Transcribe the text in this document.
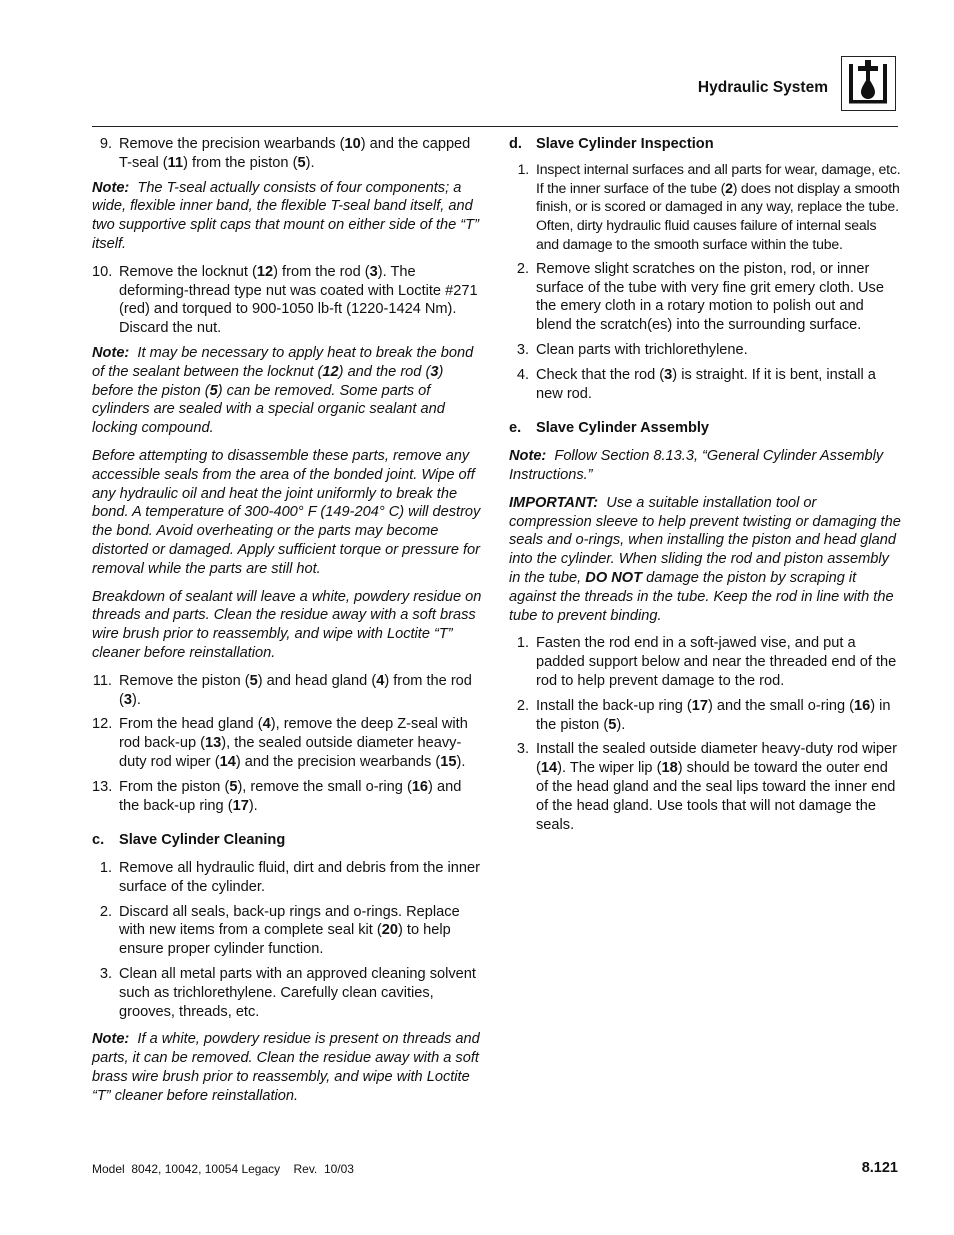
Hydraulic System
9. Remove the precision wearbands (10) and the capped T-seal (11) from the piston (5).
Note: The T-seal actually consists of four components; a wide, flexible inner band, the flexible T-seal band itself, and two supportive split caps that mount on either side of the “T” itself.
10. Remove the locknut (12) from the rod (3). The deforming-thread type nut was coated with Loctite #271 (red) and torqued to 900-1050 lb-ft (1220-1424 Nm). Discard the nut.
Note: It may be necessary to apply heat to break the bond of the sealant between the locknut (12) and the rod (3) before the piston (5) can be removed. Some parts of cylinders are sealed with a special organic sealant and locking compound.
Before attempting to disassemble these parts, remove any accessible seals from the area of the bonded joint. Wipe off any hydraulic oil and heat the joint uniformly to break the bond. A temperature of 300-400° F (149-204° C) will destroy the bond. Avoid overheating or the parts may become distorted or damaged. Apply sufficient torque or pressure for removal while the parts are still hot.
Breakdown of sealant will leave a white, powdery residue on threads and parts. Clean the residue away with a soft brass wire brush prior to reassembly, and wipe with Loctite “T” cleaner before reinstallation.
11. Remove the piston (5) and head gland (4) from the rod (3).
12. From the head gland (4), remove the deep Z-seal with rod back-up (13), the sealed outside diameter heavy-duty rod wiper (14) and the precision wearbands (15).
13. From the piston (5), remove the small o-ring (16) and the back-up ring (17).
c. Slave Cylinder Cleaning
1. Remove all hydraulic fluid, dirt and debris from the inner surface of the cylinder.
2. Discard all seals, back-up rings and o-rings. Replace with new items from a complete seal kit (20) to help ensure proper cylinder function.
3. Clean all metal parts with an approved cleaning solvent such as trichlorethylene. Carefully clean cavities, grooves, threads, etc.
Note: If a white, powdery residue is present on threads and parts, it can be removed. Clean the residue away with a soft brass wire brush prior to reassembly, and wipe with Loctite “T” cleaner before reinstallation.
d. Slave Cylinder Inspection
1. Inspect internal surfaces and all parts for wear, damage, etc. If the inner surface of the tube (2) does not display a smooth finish, or is scored or damaged in any way, replace the tube. Often, dirty hydraulic fluid causes failure of internal seals and damage to the smooth surface within the tube.
2. Remove slight scratches on the piston, rod, or inner surface of the tube with very fine grit emery cloth. Use the emery cloth in a rotary motion to polish out and blend the scratch(es) into the surrounding surface.
3. Clean parts with trichlorethylene.
4. Check that the rod (3) is straight. If it is bent, install a new rod.
e. Slave Cylinder Assembly
Note: Follow Section 8.13.3, “General Cylinder Assembly Instructions.”
IMPORTANT: Use a suitable installation tool or compression sleeve to help prevent twisting or damaging the seals and o-rings, when installing the piston and head gland into the cylinder. When sliding the rod and piston assembly in the tube, DO NOT damage the piston by scraping it against the threads in the tube. Keep the rod in line with the tube to prevent binding.
1. Fasten the rod end in a soft-jawed vise, and put a padded support below and near the threaded end of the rod to help prevent damage to the rod.
2. Install the back-up ring (17) and the small o-ring (16) in the piston (5).
3. Install the sealed outside diameter heavy-duty rod wiper (14). The wiper lip (18) should be toward the outer end of the head gland and the seal lips toward the inner end of the head gland. Use tools that will not damage the seals.
Model  8042, 10042, 10054 Legacy    Rev.  10/03	8.121
